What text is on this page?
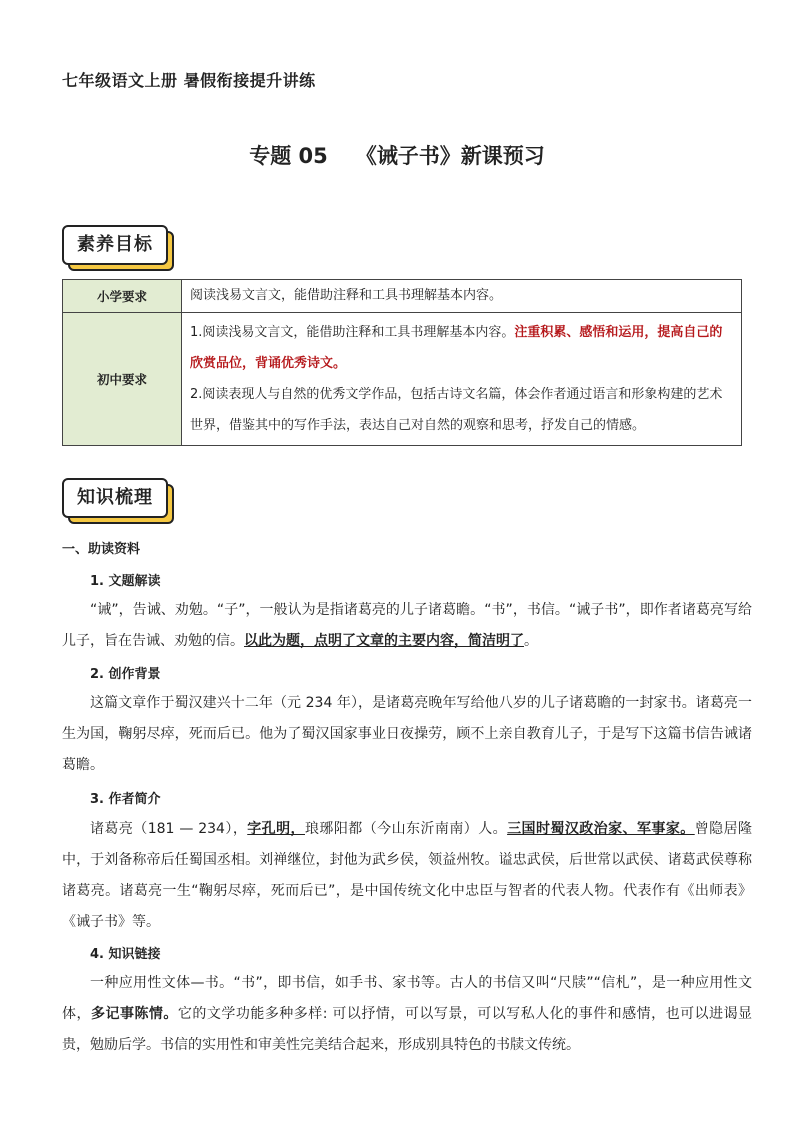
七年级语文上册 暑假衔接提升讲练
专题 05 《诫子书》新课预习
素养目标
小学要求	阅读浅易文言文，能借助注释和工具书理解基本内容。
初中要求	1.阅读浅易文言文，能借助注释和工具书理解基本内容。注重积累、感悟和运用，提高自己的欣赏品位，背诵优秀诗文。
2.阅读表现人与自然的优秀文学作品，包括古诗文名篇，体会作者通过语言和形象构建的艺术世界，借鉴其中的写作手法，表达自己对自然的观察和思考，抒发自己的情感。
知识梳理
一、助读资料
1. 文题解读
“诫”，告诫、劝勉。“子”，一般认为是指诸葛亮的儿子诸葛瞻。“书”，书信。“诫子书”，即作者诸葛亮写给儿子，旨在告诫、劝勉的信。以此为题，点明了文章的主要内容，简洁明了。
2. 创作背景
这篇文章作于蜀汉建兴十二年（元 234 年），是诸葛亮晚年写给他八岁的儿子诸葛瞻的一封家书。诸葛亮一生为国，鞠躬尽瘁，死而后已。他为了蜀汉国家事业日夜操劳，顾不上亲自教育儿子，于是写下这篇书信告诫诸葛瞻。
3. 作者简介
诸葛亮（181 — 234），字孔明，琅琊阳都（今山东沂南南）人。三国时蜀汉政治家、军事家。曾隐居隆中，于刘备称帝后任蜀国丞相。刘禅继位，封他为武乡侯，领益州牧。谥忠武侯，后世常以武侯、诸葛武侯尊称诸葛亮。诸葛亮一生“鞠躬尽瘁，死而后已”，是中国传统文化中忠臣与智者的代表人物。代表作有《出师表》《诫子书》等。
4. 知识链接
一种应用性文体—书。“书”，即书信，如手书、家书等。古人的书信又叫“尺牍”“信札”，是一种应用性文体，多记事陈情。它的文学功能多种多样: 可以抒情，可以写景，可以写私人化的事件和感情，也可以进谒显贵，勉励后学。书信的实用性和审美性完美结合起来，形成别具特色的书牍文传统。
